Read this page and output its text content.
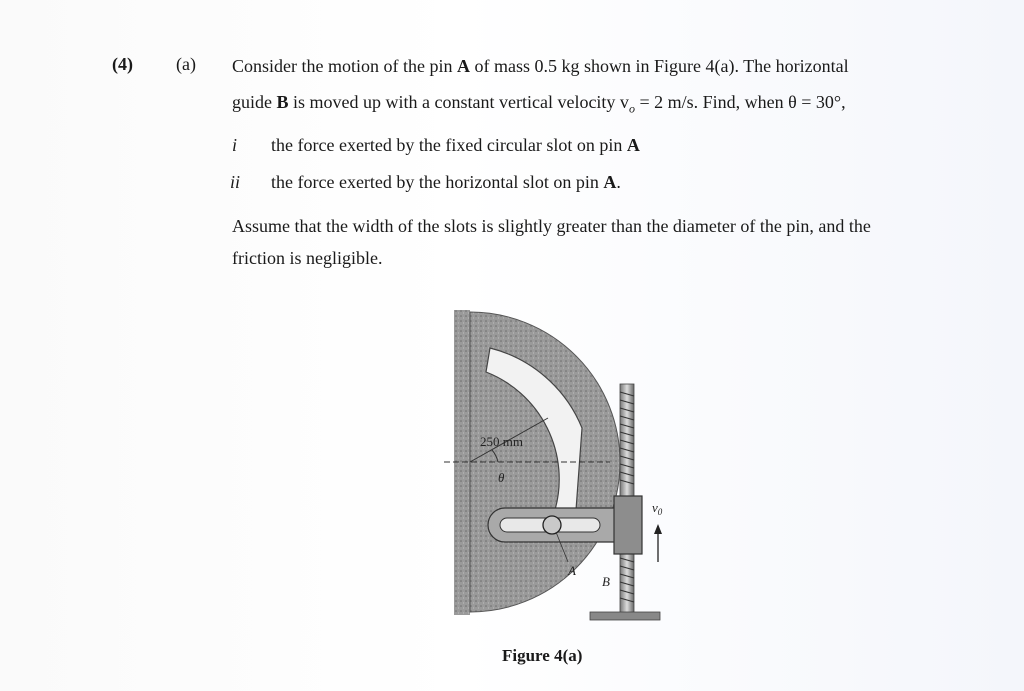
(4) (a) Consider the motion of the pin A of mass 0.5 kg shown in Figure 4(a). The horizontal
guide B is moved up with a constant vertical velocity $v_o = 2$ m/s. Find, when θ = 30°,
i the force exerted by the fixed circular slot on pin A
ii the force exerted by the horizontal slot on pin A.
Assume that the width of the slots is slightly greater than the diameter of the pin, and the
friction is negligible.
250 mm
θ
$v_0$
A
B
Figure 4(a)
